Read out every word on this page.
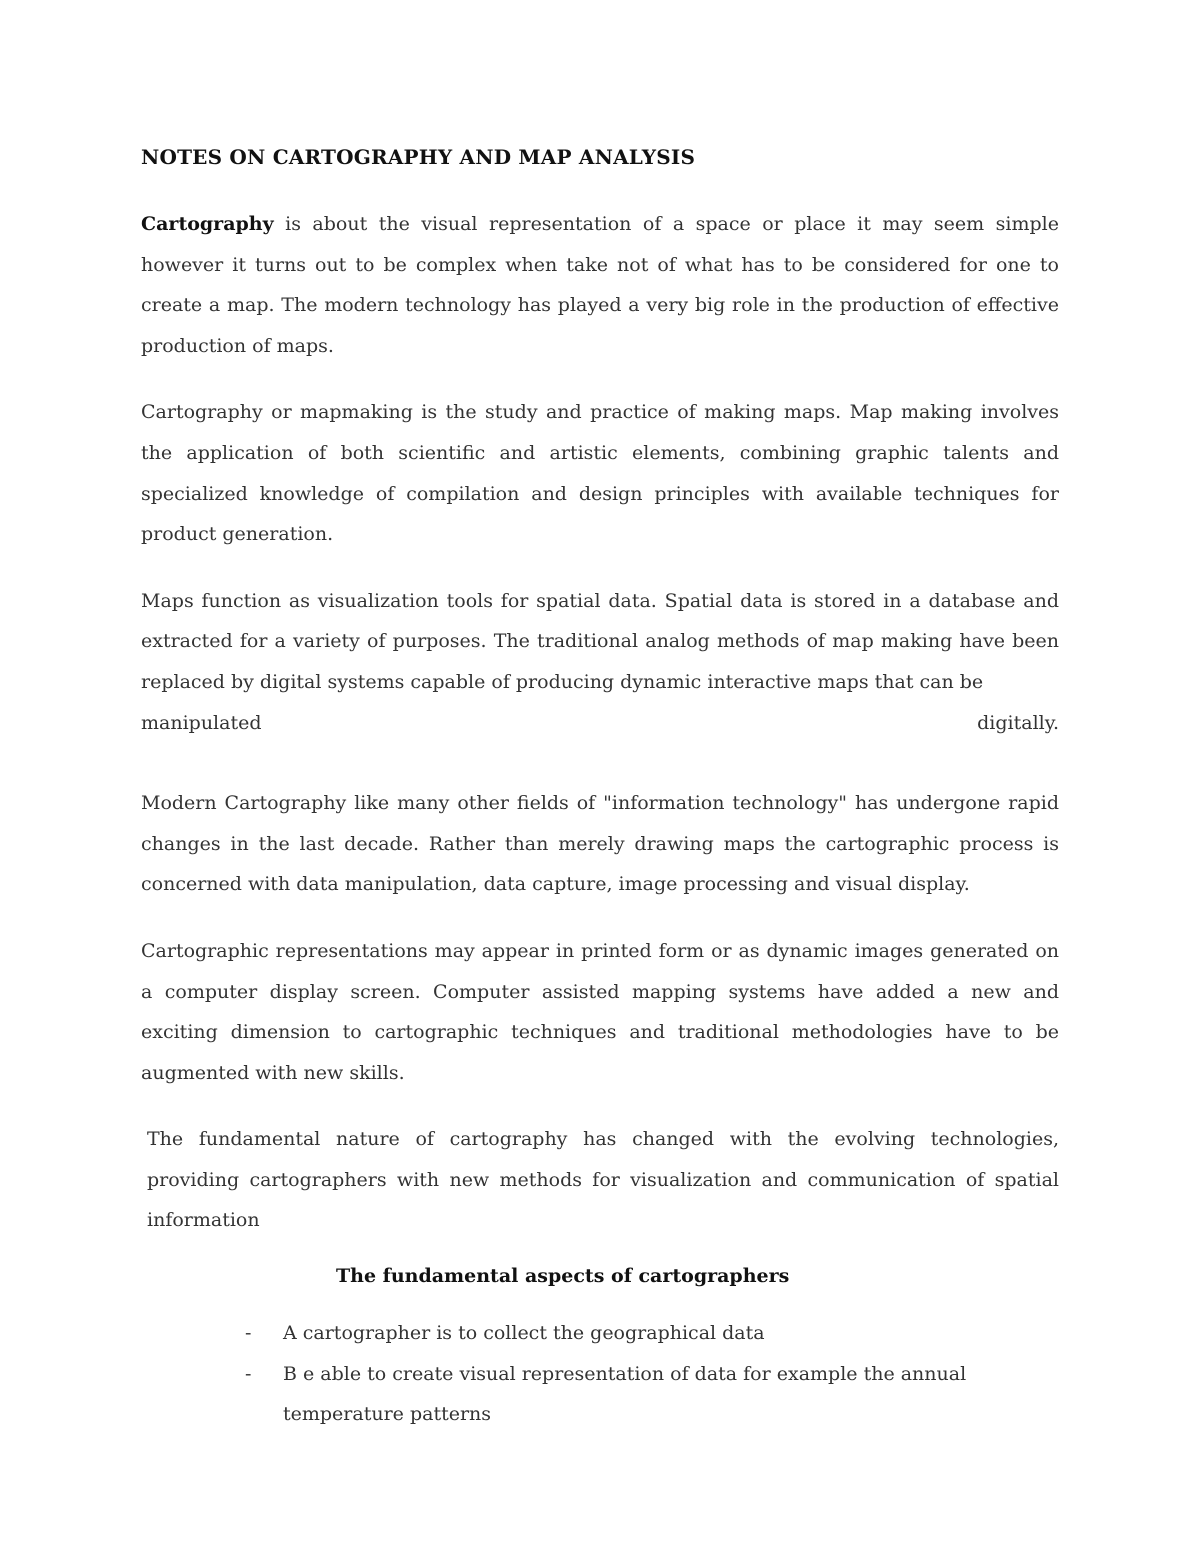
NOTES ON CARTOGRAPHY AND MAP ANALYSIS

Cartography is about the visual representation of a space or place it may seem simple however it turns out to be complex when take not of what has to be considered for one to create a map. The modern technology has played a very big role in the production of effective production of maps.

Cartography or mapmaking is the study and practice of making maps. Map making involves the application of both scientific and artistic elements, combining graphic talents and specialized knowledge of compilation and design principles with available techniques for product generation.

Maps function as visualization tools for spatial data. Spatial data is stored in a database and extracted for a variety of purposes. The traditional analog methods of map making have been replaced by digital systems capable of producing dynamic interactive maps that can be

manipulated	digitally.

Modern Cartography like many other fields of "information technology" has undergone rapid changes in the last decade. Rather than merely drawing maps the cartographic process is concerned with data manipulation, data capture, image processing and visual display.

Cartographic representations may appear in printed form or as dynamic images generated on a computer display screen. Computer assisted mapping systems have added a new and exciting dimension to cartographic techniques and traditional methodologies have to be augmented with new skills.

The fundamental nature of cartography has changed with the evolving technologies, providing cartographers with new methods for visualization and communication of spatial information

The fundamental aspects of cartographers
- A cartographer is to collect the geographical data
- B e able to create visual representation of data for example the annual temperature patterns
